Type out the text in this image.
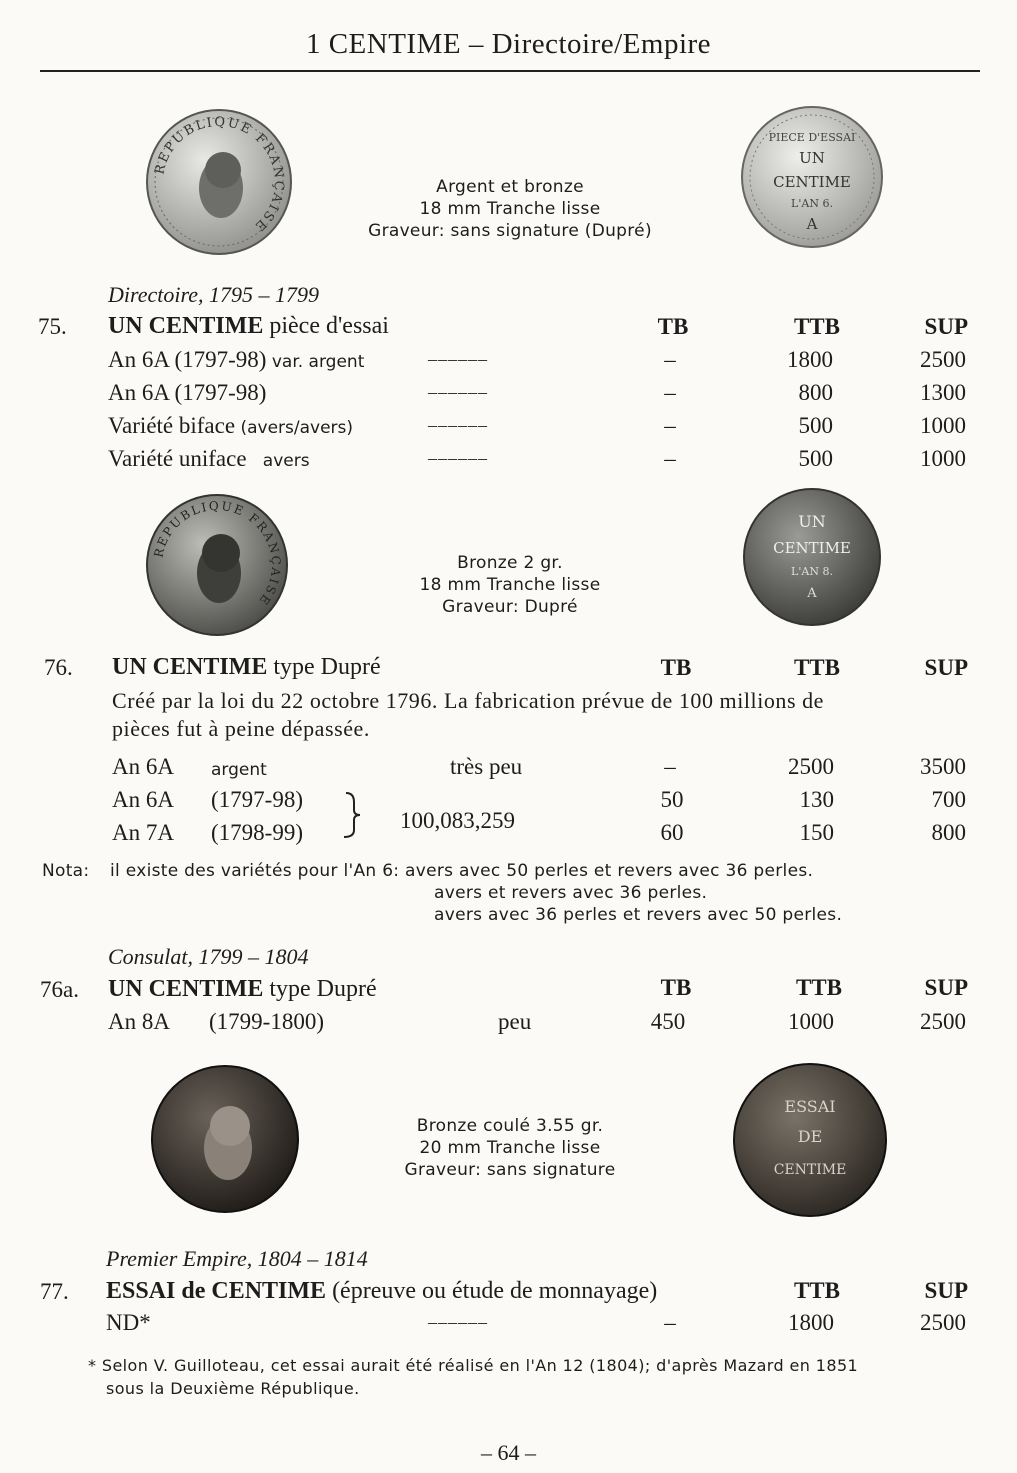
1 CENTIME – Directoire/Empire
REPUBLIQUE FRANÇAISE
PIECE D'ESSAI
UN
CENTIME
L'AN 6.
A
Argent et bronze
18 mm Tranche lisse
Graveur: sans signature (Dupré)
Directoire, 1795 – 1799
75. UN CENTIME pièce d'essai	TB	TTB	SUP
An 6A (1797-98) var. argent	––––––	–	1800	2500
An 6A (1797-98)	––––––	–	800	1300
Variété biface (avers/avers)	––––––	–	500	1000
Variété uniface   avers	––––––	–	500	1000
REPUBLIQUE FRANÇAISE
UN
CENTIME
L'AN 8.
A
Bronze 2 gr.
18 mm Tranche lisse
Graveur: Dupré
76. UN CENTIME type Dupré	TB	TTB	SUP
Créé par la loi du 22 octobre 1796. La fabrication prévue de 100 millions de
pièces fut à peine dépassée.
An 6A argent	très peu	–	2500	3500
An 6A (1797-98)	50	130	700
An 7A (1798-99)	60	150	800
100,083,259
Nota: il existe des variétés pour l'An 6: avers avec 50 perles et revers avec 36 perles.
avers et revers avec 36 perles.
avers avec 36 perles et revers avec 50 perles.
Consulat, 1799 – 1804
76a. UN CENTIME type Dupré	TB	TTB	SUP
An 8A (1799-1800)	peu	450	1000	2500
ESSAI
DE
CENTIME
Bronze coulé 3.55 gr.
20 mm Tranche lisse
Graveur: sans signature
Premier Empire, 1804 – 1814
77. ESSAI de CENTIME (épreuve ou étude de monnayage)	TTB	SUP
ND*	––––––	–	1800	2500
* Selon V. Guilloteau, cet essai aurait été réalisé en l'An 12 (1804); d'après Mazard en 1851
sous la Deuxième République.
– 64 –
